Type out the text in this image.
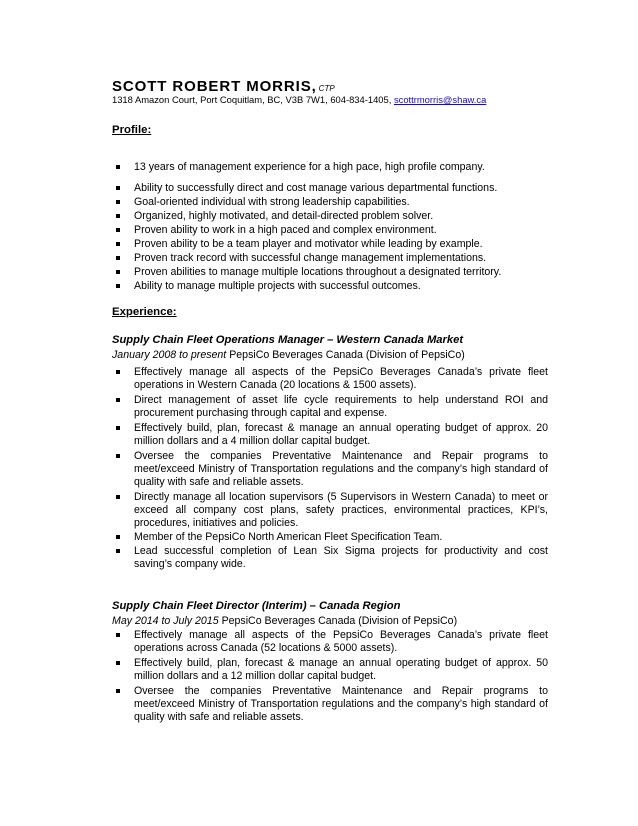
SCOTT ROBERT MORRIS, CTP
1318 Amazon Court, Port Coquitlam, BC, V3B 7W1, 604-834-1405, scottrmorris@shaw.ca
Profile:
13 years of management experience for a high pace, high profile company.
Ability to successfully direct and cost manage various departmental functions.
Goal-oriented individual with strong leadership capabilities.
Organized, highly motivated, and detail-directed problem solver.
Proven ability to work in a high paced and complex environment.
Proven ability to be a team player and motivator while leading by example.
Proven track record with successful change management implementations.
Proven abilities to manage multiple locations throughout a designated territory.
Ability to manage multiple projects with successful outcomes.
Experience:
Supply Chain Fleet Operations Manager – Western Canada Market
January 2008 to present PepsiCo Beverages Canada (Division of PepsiCo)
Effectively manage all aspects of the PepsiCo Beverages Canada’s private fleet operations in Western Canada (20 locations & 1500 assets).
Direct management of asset life cycle requirements to help understand ROI and procurement purchasing through capital and expense.
Effectively build, plan, forecast & manage an annual operating budget of approx. 20 million dollars and a 4 million dollar capital budget.
Oversee the companies Preventative Maintenance and Repair programs to meet/exceed Ministry of Transportation regulations and the company’s high standard of quality with safe and reliable assets.
Directly manage all location supervisors (5 Supervisors in Western Canada) to meet or exceed all company cost plans, safety practices, environmental practices, KPI’s, procedures, initiatives and policies.
Member of the PepsiCo North American Fleet Specification Team.
Lead successful completion of Lean Six Sigma projects for productivity and cost saving’s company wide.
Supply Chain Fleet Director (Interim) – Canada Region
May 2014 to July 2015 PepsiCo Beverages Canada (Division of PepsiCo)
Effectively manage all aspects of the PepsiCo Beverages Canada’s private fleet operations across Canada (52 locations & 5000 assets).
Effectively build, plan, forecast & manage an annual operating budget of approx. 50 million dollars and a 12 million dollar capital budget.
Oversee the companies Preventative Maintenance and Repair programs to meet/exceed Ministry of Transportation regulations and the company’s high standard of quality with safe and reliable assets.
